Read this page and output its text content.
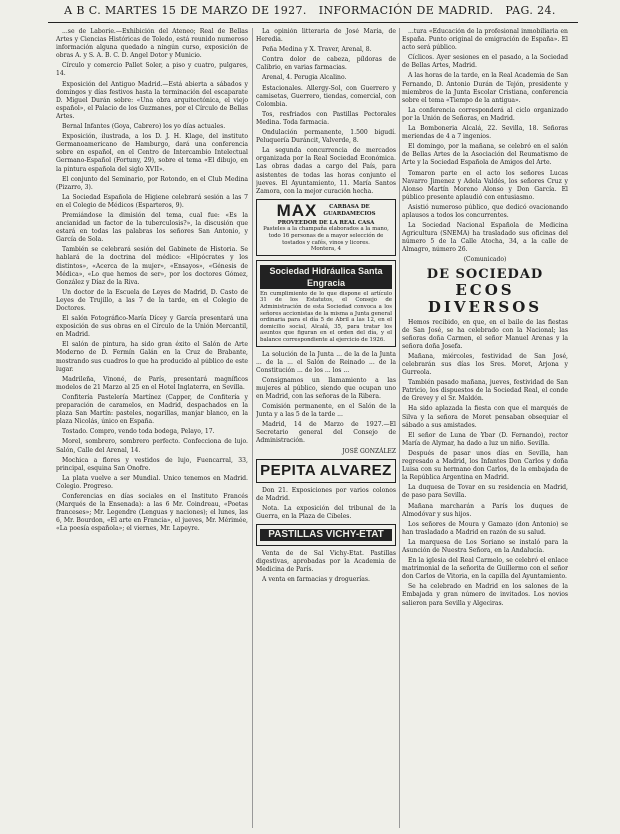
A B C. MARTES 15 DE MARZO DE 1927. INFORMACIÓN DE MADRID. PAG. 24.

...se de Laborie.—Exhibición del Ateneo; Real de Bellas Artes y Ciencias Históricas de Toledo, está reunido numeroso información alguna quedado a ningún curso, exposición de obras A. y S. A. B. C. D. Angel Dotor y Municio.

Círculo y comercio Pallet Soler, a piso y cuatro, pulgares, 14.

Exposición del Antiguo Madrid.—Está abierta a sábados y domingos y días festivos hasta la terminación del escaparate D. Miguel Durán sobre: «Una obra arquitectónica, el viejo español», el Palacio de los Guzmanes, por el Círculo de Bellas Artes.

Bernal Infantes (Goya, Cabrero) los yo días actuales.

Exposición, ilustrada, a los D. J. H. Klage, del instituto Germanoamericano de Hamburgo, dará una conferencia sobre en español, en el Centro de Intercambio Intelectual Germano-Español (Fortuny, 29), sobre el tema «El dibujo, en la pintura española del siglo XVII».

El conjunto del Seminario, por Rotondo, en el Club Medina (Pizarro, 3).

La Sociedad Española de Higiene celebrará sesión a las 7 en el Colegio de Médicos (Esparteros, 9).

Premiándose la dimisión del tema, cual fue: «Es la ancianidad un factor de la tuberculosis?», la discusión que estará en todas las palabras los señores San Antonio, y García de Sola.

También se celebrará sesión del Gabinete de Historia. Se hablará de la doctrina del médico: «Hipócrates y los distintos», «Acerca de la mujer», «Ensayos», «Génesis de Médica», «Lo que hemos de ser», por los doctores Gómez, González y Díaz de la Riva.

Un doctor de la Escuela de Leyes de Madrid, D. Casto de Leyes de Trujillo, a las 7 de la tarde, en el Colegio de Doctores.

El salón Fotográfico-María Dícey y García presentará una exposición de sus obras en el Círculo de la Unión Mercantil, en Madrid.

El salón de pintura, ha sido gran éxito el Salón de Arte Moderno de D. Fermín Galán en la Cruz de Brabante, mostrando sus cuadros lo que ha producido al público de este lugar.

Madrileña, Vinoné, de París, presentará magníficos modelos de 21 Marzo al 25 en el Hotel Inglaterra, en Sevilla.

Confitería Pastelería Martínez (Capper, de Confitería y preparación de caramelos, en Madrid, despachados en la plaza San Martín: pasteles, nogarillas, manjar blanco, en la plaza Nicolás, único en España.

Tostado. Compro, vendo toda bodega, Pelayo, 17.

Morel, sombrero, sombrero perfecto. Confecciona de lujo. Salón, Calle del Arenal, 14.

Mochica a flores y vestidos de lujo, Fuencarral, 33, principal, esquina San Onofre.

La plata vuelve a ser Mundial. Unico tenemos en Madrid. Colegio. Progreso.

Conferencias en días sociales en el Instituto Francés (Marqués de la Ensenada): a las 6 Mr. Coindreau, «Poetas franceses»; Mr. Legendre (Lenguas y naciones); el lunes, las 6, Mr. Bourdon, «El arte en Francia», el jueves, Mr. Mérimée, «La poesía española»; el viernes, Mr. Lapeyre.

La opinión litteraria de José María, de Heredia.

Peña Medina y X. Traver, Arenal, 8.

Contra dolor de cabeza, píldoras de Calibrio, en varias farmacias.

Arenal, 4. Perugia Alcalino.

Estacionales. Allergy-Sol, con Guerrero y camisetas, Guerrero, tiendas, comercial, con Colombia.

Tos, resfriados con Pastillas Pectorales Medina. Toda farmacia.

Ondulación permanente, 1.500 bigudí. Peluquería Duráncit, Valverde, 8.

La segunda concurrencia de mercados organizada por la Real Sociedad Económica. Las obras dadas a cargo del País, para asistentes de todas las horas conjunto el jueves. El Ayuntamiento, 11. María Santos Zamora, con la mejor curación hecha.

MAX	CARBASA DE GUARDAMECIOS
PROVEEDOR DE LA REAL CASA
Pasteles a la champaña elaborados a la mano, todo 16 personas de a mayor selección de tostados y cafés, vinos y licores.
Montera, 4
Sociedad Hidráulica Santa Engracia
En cumplimiento de lo que dispone el artículo 31 de los Estatutos, el Consejo de Administración de esta Sociedad convoca a los señores accionistas de la misma a Junta general ordinaria para el día 5 de Abril a las 12, en el domicilio social, Alcalá, 35, para tratar los asuntos que figuran en el orden del día, y el balance correspondiente al ejercicio de 1926.

La solución de la Junta ... de la de la Junta ... de la ... el Salón de Reinado ... de la Constitución ... de los ... los ...

Consignamos un llamamiento a las mujeres al público, siendo que ocupan uno en Madrid, con las señoras de la Ribera.

Comisión permanente, en el Salón de la Junta y a las 5 de la tarde ...

Madrid, 14 de Marzo de 1927.—El Secretario general del Consejo de Administración.

JOSÉ GONZÁLEZ
PEPITA ALVAREZ

Don 21. Exposiciones por varios colonos de Madrid.

Nota. La exposición del tribunal de la Guerra, en la Plaza de Cibeles.

PASTILLAS VICHY-ETAT

Venta de de Sal Vichy-Etat. Pastillas digestivas, aprobadas por la Academia de Medicina de París.

A venta en farmacias y droguerías.

...tura «Educación de la profesional inmobiliaria en España. Punto original de emigración de España». El acto será público.

Cíclicos. Ayer sesiones en el pasado, a la Sociedad de Bellas Artes, Madrid.

A las horas de la tarde, en la Real Academia de San Fernando, D. Antonio Durán de Tejón, presidente y miembros de la Junta Escolar Cristiana, conferencia sobre el tema «Tiempo de la antigua».

La conferencia corresponderá al ciclo organizado por la Unión de Señoras, en Madrid.

La Bomboneria Alcalá, 22. Sevilla, 18. Señoras meriendas de 4 a 7 ingenios.

El domingo, por la mañana, se celebró en el salón de Bellas Artes de la Asociación del Reumatismo de Arte y la Sociedad Española de Amigos del Arte.

Tomaron parte en el acto los señores Lucas Navarro Jimenez y Adela Valdés, los señores Cruz y Alonso Martín Moreno Alonso y Don García. El público presente aplaudió con entusiasmo.

Asistió numeroso público, que dedicó ovacionando aplausos a todos los concurrentes.

La Sociedad Nacional Española de Medicina Agricultura (SNEMA) ha trasladado sus oficinas del número 5 de la Calle Atocha, 34, a la calle de Almagro, número 26.

(Comunicado)
DE SOCIEDAD
ECOS DIVERSOS

Hemos recibido, en que, en el baile de las fiestas de San José, se ha celebrado con la Nacional; las señoras doña Carmen, el señor Manuel Arenas y la señora doña Josefa.

Mañana, miércoles, festividad de San José, celebrarán sus días los Sres. Moret, Arjona y Gurreola.

También pasado mañana, jueves, festividad de San Patricio, los dispuestos de la Sociedad Real, el conde de Grevey y el Sr. Maldón.

Ha sido aplazada la fiesta con que el marqués de Silva y la señora de Moret pensaban obsequiar el sábado a sus amistades.

El señor de Luna de Ybar (D. Fernando), rector María de Alymar, ha dado a luz un niño. Sevilla.

Después de pasar unos días en Sevilla, han regresado a Madrid, los Infantes Don Carlos y doña Luisa con su hermano don Carlos, de la embajada de la República Argentina en Madrid.

La duquesa de Tovar en su residencia en Madrid, de paso para Sevilla.

Mañana marcharán a París los duques de Almodóvar y sus hijos.

Los señores de Moura y Gamazo (don Antonio) se han trasladado a Madrid en razón de su salud.

La marquesa de Los Soriano se instaló para la Asunción de Nuestra Señora, en la Andalucía.

En la iglesia del Real Carmelo, se celebró el enlace matrimonial de la señorita de Guillermo con el señor don Carlos de Vitoria, en la capilla del Ayuntamiento.

Se ha celebrado en Madrid en los salones de la Embajada y gran número de invitados. Los novios salieron para Sevilla y Algeciras.
